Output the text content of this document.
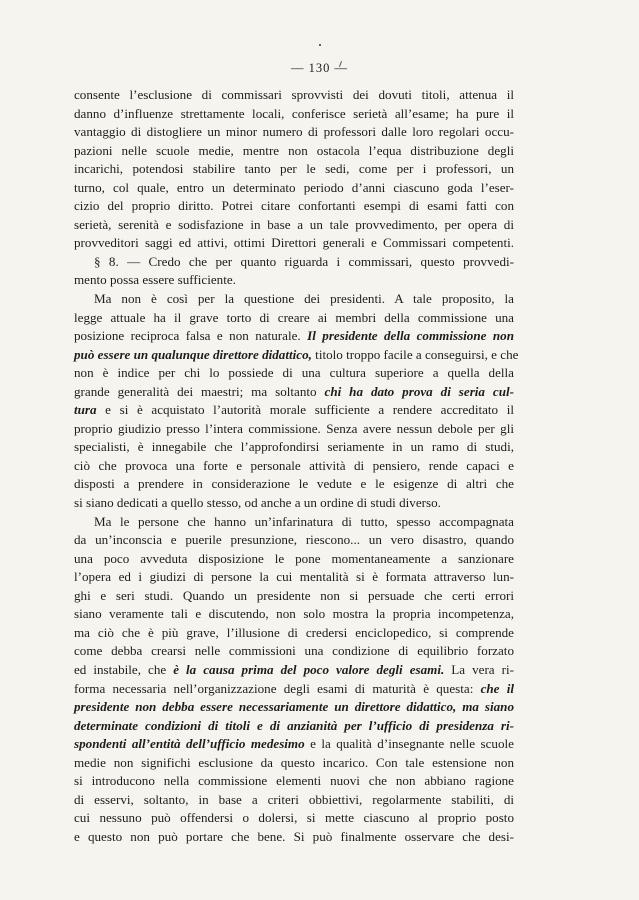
— 130 —
consente l’esclusione di commissari sprovvisti dei dovuti titoli, attenua il
danno d’influenze strettamente locali, conferisce serietà all’esame; ha pure il
vantaggio di distogliere un minor numero di professori dalle loro regolari occu-
pazioni nelle scuole medie, mentre non ostacola l’equa distribuzione degli
incarichi, potendosi stabilire tanto per le sedi, come per i professori, un
turno, col quale, entro un determinato periodo d’anni ciascuno goda l’eser-
cizio del proprio diritto. Potrei citare confortanti esempi di esami fatti con
serietà, serenità e sodisfazione in base a un tale provvedimento, per opera di
provveditori saggi ed attivi, ottimi Direttori generali e Commissari competenti.
§ 8. — Credo che per quanto riguarda i commissari, questo provvedi-
mento possa essere sufficiente.
Ma non è così per la questione dei presidenti. A tale proposito, la
legge attuale ha il grave torto di creare ai membri della commissione una
posizione reciproca falsa e non naturale. Il presidente della commissione non
può essere un qualunque direttore didattico, titolo troppo facile a conseguirsi, e che
non è indice per chi lo possiede di una cultura superiore a quella della
grande generalità dei maestri; ma soltanto chi ha dato prova di seria cul-
tura e si è acquistato l’autorità morale sufficiente a rendere accreditato il
proprio giudizio presso l’intera commissione. Senza avere nessun debole per gli
specialisti, è innegabile che l’approfondirsi seriamente in un ramo di studi,
ciò che provoca una forte e personale attività di pensiero, rende capaci e
disposti a prendere in considerazione le vedute e le esigenze di altri che
si siano dedicati a quello stesso, od anche a un ordine di studi diverso.
Ma le persone che hanno un’infarinatura di tutto, spesso accompagnata
da un’inconscia e puerile presunzione, riescono... un vero disastro, quando
una poco avveduta disposizione le pone momentaneamente a sanzionare
l’opera ed i giudizi di persone la cui mentalità si è formata attraverso lun-
ghi e seri studi. Quando un presidente non si persuade che certi errori
siano veramente tali e discutendo, non solo mostra la propria incompetenza,
ma ciò che è più grave, l’illusione di credersi enciclopedico, si comprende
come debba crearsi nelle commissioni una condizione di equilibrio forzato
ed instabile, che è la causa prima del poco valore degli esami. La vera ri-
forma necessaria nell’organizzazione degli esami di maturità è questa: che il
presidente non debba essere necessariamente un direttore didattico, ma siano
determinate condizioni di titoli e di anzianità per l’ufficio di presidenza ri-
spondenti all’entità dell’ufficio medesimo e la qualità d’insegnante nelle scuole
medie non significhi esclusione da questo incarico. Con tale estensione non
si introducono nella commissione elementi nuovi che non abbiano ragione
di esservi, soltanto, in base a criteri obbiettivi, regolarmente stabiliti, di
cui nessuno può offendersi o dolersi, si mette ciascuno al proprio posto
e questo non può portare che bene. Si può finalmente osservare che desi-
